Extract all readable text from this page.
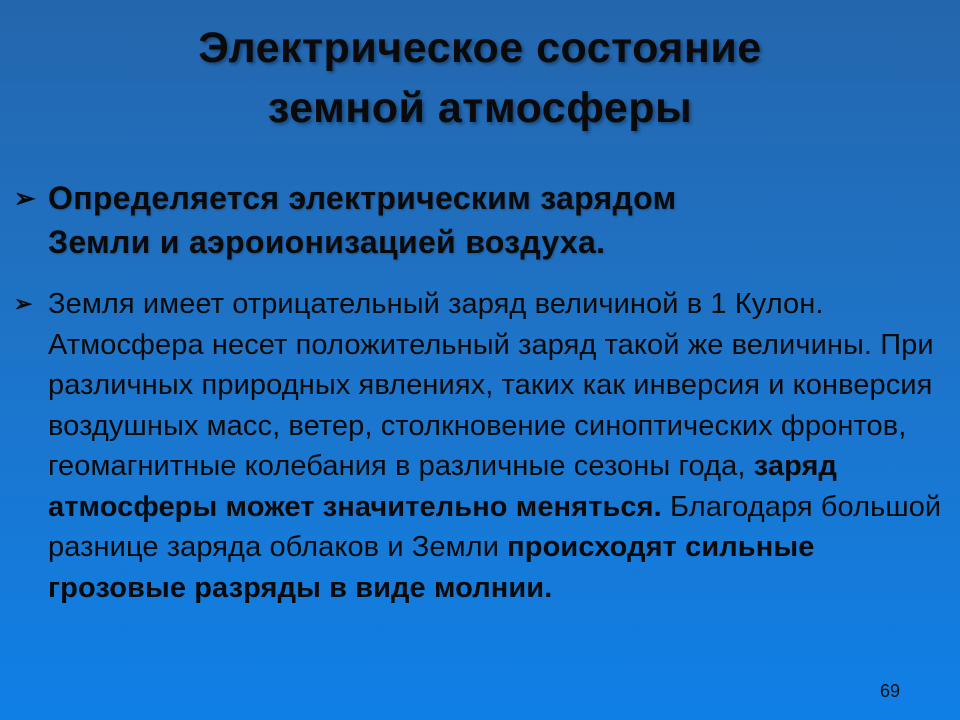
Электрическое состояние
земной атмосферы
➢ Определяется электрическим зарядом
Земли и аэроионизацией воздуха.
➢ Земля имеет отрицательный заряд величиной в 1 Кулон. Атмосфера несет положительный заряд такой же величины. При различных природных явлениях, таких как инверсия и конверсия воздушных масс, ветер, столкновение синоптических фронтов, геомагнитные колебания в различные сезоны года, заряд атмосферы может значительно меняться. Благодаря большой разнице заряда облаков и Земли происходят сильные грозовые разряды в виде молнии.
69
